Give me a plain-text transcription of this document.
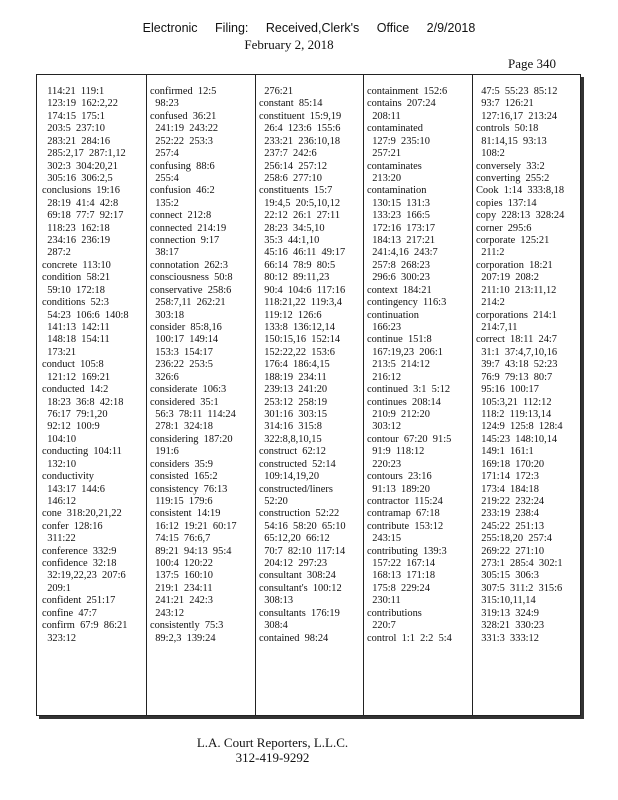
Electronic Filing: Received,Clerk's Office 2/9/2018
February 2, 2018
Page 340
114:21  119:1
123:19  162:2,22
174:15  175:1
203:5  237:10
283:21  284:16
285:2,17  287:1,12
302:3  304:20,21
305:16  306:2,5
conclusions  19:16
28:19  41:4  42:8
69:18  77:7  92:17
118:23  162:18
234:16  236:19
287:2
concrete  113:10
condition  58:21
59:10  172:18
conditions  52:3
54:23  106:6  140:8
141:13  142:11
148:18  154:11
173:21
conduct  105:8
121:12  169:21
conducted  14:2
18:23  36:8  42:18
76:17  79:1,20
92:12  100:9
104:10
conducting  104:11
132:10
conductivity
143:17  144:6
146:12
cone  318:20,21,22
confer  128:16
311:22
conference  332:9
confidence  32:18
32:19,22,23  207:6
209:1
confident  251:17
confine  47:7
confirm  67:9  86:21
323:12
confirmed  12:5
98:23
confused  36:21
241:19  243:22
252:22  253:3
257:4
confusing  88:6
255:4
confusion  46:2
135:2
connect  212:8
connected  214:19
connection  9:17
38:17
connotation  262:3
consciousness  50:8
conservative  258:6
258:7,11  262:21
303:18
consider  85:8,16
100:17  149:14
153:3  154:17
236:22  253:5
326:6
considerate  106:3
considered  35:1
56:3  78:11  114:24
278:1  324:18
considering  187:20
191:6
considers  35:9
consisted  165:2
consistency  76:13
119:15  179:6
consistent  14:19
16:12  19:21  60:17
74:15  76:6,7
89:21  94:13  95:4
100:4  120:22
137:5  160:10
219:1  234:11
241:21  242:3
243:12
consistently  75:3
89:2,3  139:24
276:21
constant  85:14
constituent  15:9,19
26:4  123:6  155:6
233:21  236:10,18
237:7  242:6
256:14  257:12
258:6  277:10
constituents  15:7
19:4,5  20:5,10,12
22:12  26:1  27:11
28:23  34:5,10
35:3  44:1,10
45:16  46:11  49:17
66:14  78:9  80:5
80:12  89:11,23
90:4  104:6  117:16
118:21,22  119:3,4
119:12  126:6
133:8  136:12,14
150:15,16  152:14
152:22,22  153:6
176:4  186:4,15
188:19  234:11
239:13  241:20
253:12  258:19
301:16  303:15
314:16  315:8
322:8,8,10,15
construct  62:12
constructed  52:14
109:14,19,20
constructed/liners
52:20
construction  52:22
54:16  58:20  65:10
65:12,20  66:12
70:7  82:10  117:14
204:12  297:23
consultant  308:24
consultant's  100:12
308:13
consultants  176:19
308:4
contained  98:24
containment  152:6
contains  207:24
208:11
contaminated
127:9  235:10
257:21
contaminates
213:20
contamination
130:15  131:3
133:23  166:5
172:16  173:17
184:13  217:21
241:4,16  243:7
257:8  268:23
296:6  300:23
context  184:21
contingency  116:3
continuation
166:23
continue  151:8
167:19,23  206:1
213:5  214:12
216:12
continued  3:1  5:12
continues  208:14
210:9  212:20
303:12
contour  67:20  91:5
91:9  118:12
220:23
contours  23:16
91:13  189:20
contractor  115:24
contramap  67:18
contribute  153:12
243:15
contributing  139:3
157:22  167:14
168:13  171:18
175:8  229:24
230:11
contributions
220:7
control  1:1  2:2  5:4
47:5  55:23  85:12
93:7  126:21
127:16,17  213:24
controls  50:18
81:14,15  93:13
108:2
conversely  33:2
converting  255:2
Cook  1:14  333:8,18
copies  137:14
copy  228:13  328:24
corner  295:6
corporate  125:21
211:2
corporation  18:21
207:19  208:2
211:10  213:11,12
214:2
corporations  214:1
214:7,11
correct  18:11  24:7
31:1  37:4,7,10,16
39:7  43:18  52:23
76:9  79:13  80:7
95:16  100:17
105:3,21  112:12
118:2  119:13,14
124:9  125:8  128:4
145:23  148:10,14
149:1  161:1
169:18  170:20
171:14  172:3
173:4  184:18
219:22  232:24
233:19  238:4
245:22  251:13
255:18,20  257:4
269:22  271:10
273:1  285:4  302:1
305:15  306:3
307:5  311:2  315:6
315:10,11,14
319:13  324:9
328:21  330:23
331:3  333:12
L.A. Court Reporters, L.L.C.
312-419-9292
